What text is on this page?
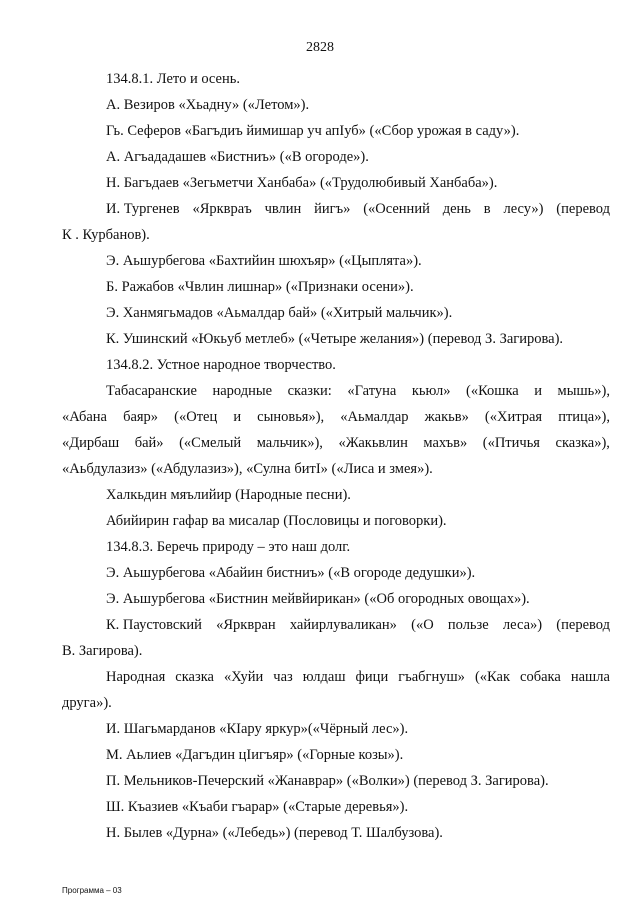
2828
134.8.1. Лето и осень.
А. Везиров «Хьадну» («Летом»).
Гь. Сеферов «Багъдиъ йимишар уч апIуб» («Сбор урожая в саду»).
А. Агъададашев «Бистниъ» («В огороде»).
Н. Багъдаев «Зегьметчи Ханбаба» («Трудолюбивый Ханбаба»).
И. Тургенев «Ярквраъ чвлин йигъ» («Осенний день в лесу») (перевод
К . Курбанов).
Э. Аьшурбегова «Бахтийин шюхъяр» («Цыплята»).
Б. Ражабов «Чвлин лишнар» («Признаки осени»).
Э. Ханмягьмадов «Аьмалдар бай» («Хитрый мальчик»).
К. Ушинский «Юкьуб метлеб» («Четыре желания») (перевод З. Загирова).
134.8.2. Устное народное творчество.
Табасаранские народные сказки: «Гатуна кьюл» («Кошка и мышь»),
«Абана баяр» («Отец и сыновья»), «Аьмалдар жакьв» («Хитрая птица»),
«Дирбаш бай» («Смелый мальчик»), «Жакьвлин махъв» («Птичья сказка»),
«Аьбдулазиз» («Абдулазиз»), «Сулна битI» («Лиса и змея»).
Халкьдин мяълийир (Народные песни).
Абийирин гафар ва мисалар (Пословицы и поговорки).
134.8.3. Беречь природу – это наш долг.
Э. Аьшурбегова «Абайин бистниъ» («В огороде дедушки»).
Э. Аьшурбегова «Бистнин мейвйирикан» («Об огородных овощах»).
К. Паустовский «Ярквран хайирлуваликан» («О пользе леса») (перевод
В. Загирова).
Народная сказка «Хуйи чаз юлдаш фици гъабгнуш» («Как собака нашла
друга»).
И. Шагьмарданов «КIару яркур»(«Чёрный лес»).
М. Аьлиев «Дагъдин цIигъяр» («Горные козы»).
П. Мельников-Печерский «Жанаврар» («Волки») (перевод З. Загирова).
Ш. Къазиев «Къаби гъарар» («Старые деревья»).
Н. Былев «Дурна» («Лебедь») (перевод Т. Шалбузова).
Программа – 03
